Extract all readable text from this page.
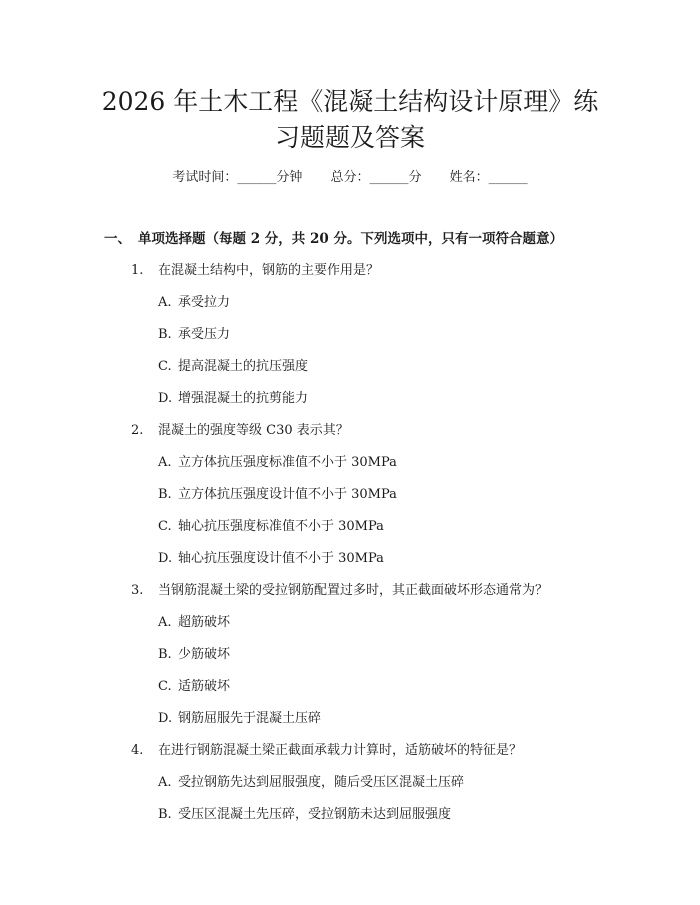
2026 年土木工程《混凝土结构设计原理》练
习题题及答案
考试时间：______分钟 总分：______分 姓名：______
一、 单项选择题（每题 2 分，共 20 分。下列选项中，只有一项符合题意）
1. 在混凝土结构中，钢筋的主要作用是？
A. 承受拉力
B. 承受压力
C. 提高混凝土的抗压强度
D. 增强混凝土的抗剪能力
2. 混凝土的强度等级 C30 表示其？
A. 立方体抗压强度标准值不小于 30MPa
B. 立方体抗压强度设计值不小于 30MPa
C. 轴心抗压强度标准值不小于 30MPa
D. 轴心抗压强度设计值不小于 30MPa
3. 当钢筋混凝土梁的受拉钢筋配置过多时，其正截面破坏形态通常为？
A. 超筋破坏
B. 少筋破坏
C. 适筋破坏
D. 钢筋屈服先于混凝土压碎
4. 在进行钢筋混凝土梁正截面承载力计算时，适筋破坏的特征是？
A. 受拉钢筋先达到屈服强度，随后受压区混凝土压碎
B. 受压区混凝土先压碎，受拉钢筋未达到屈服强度
